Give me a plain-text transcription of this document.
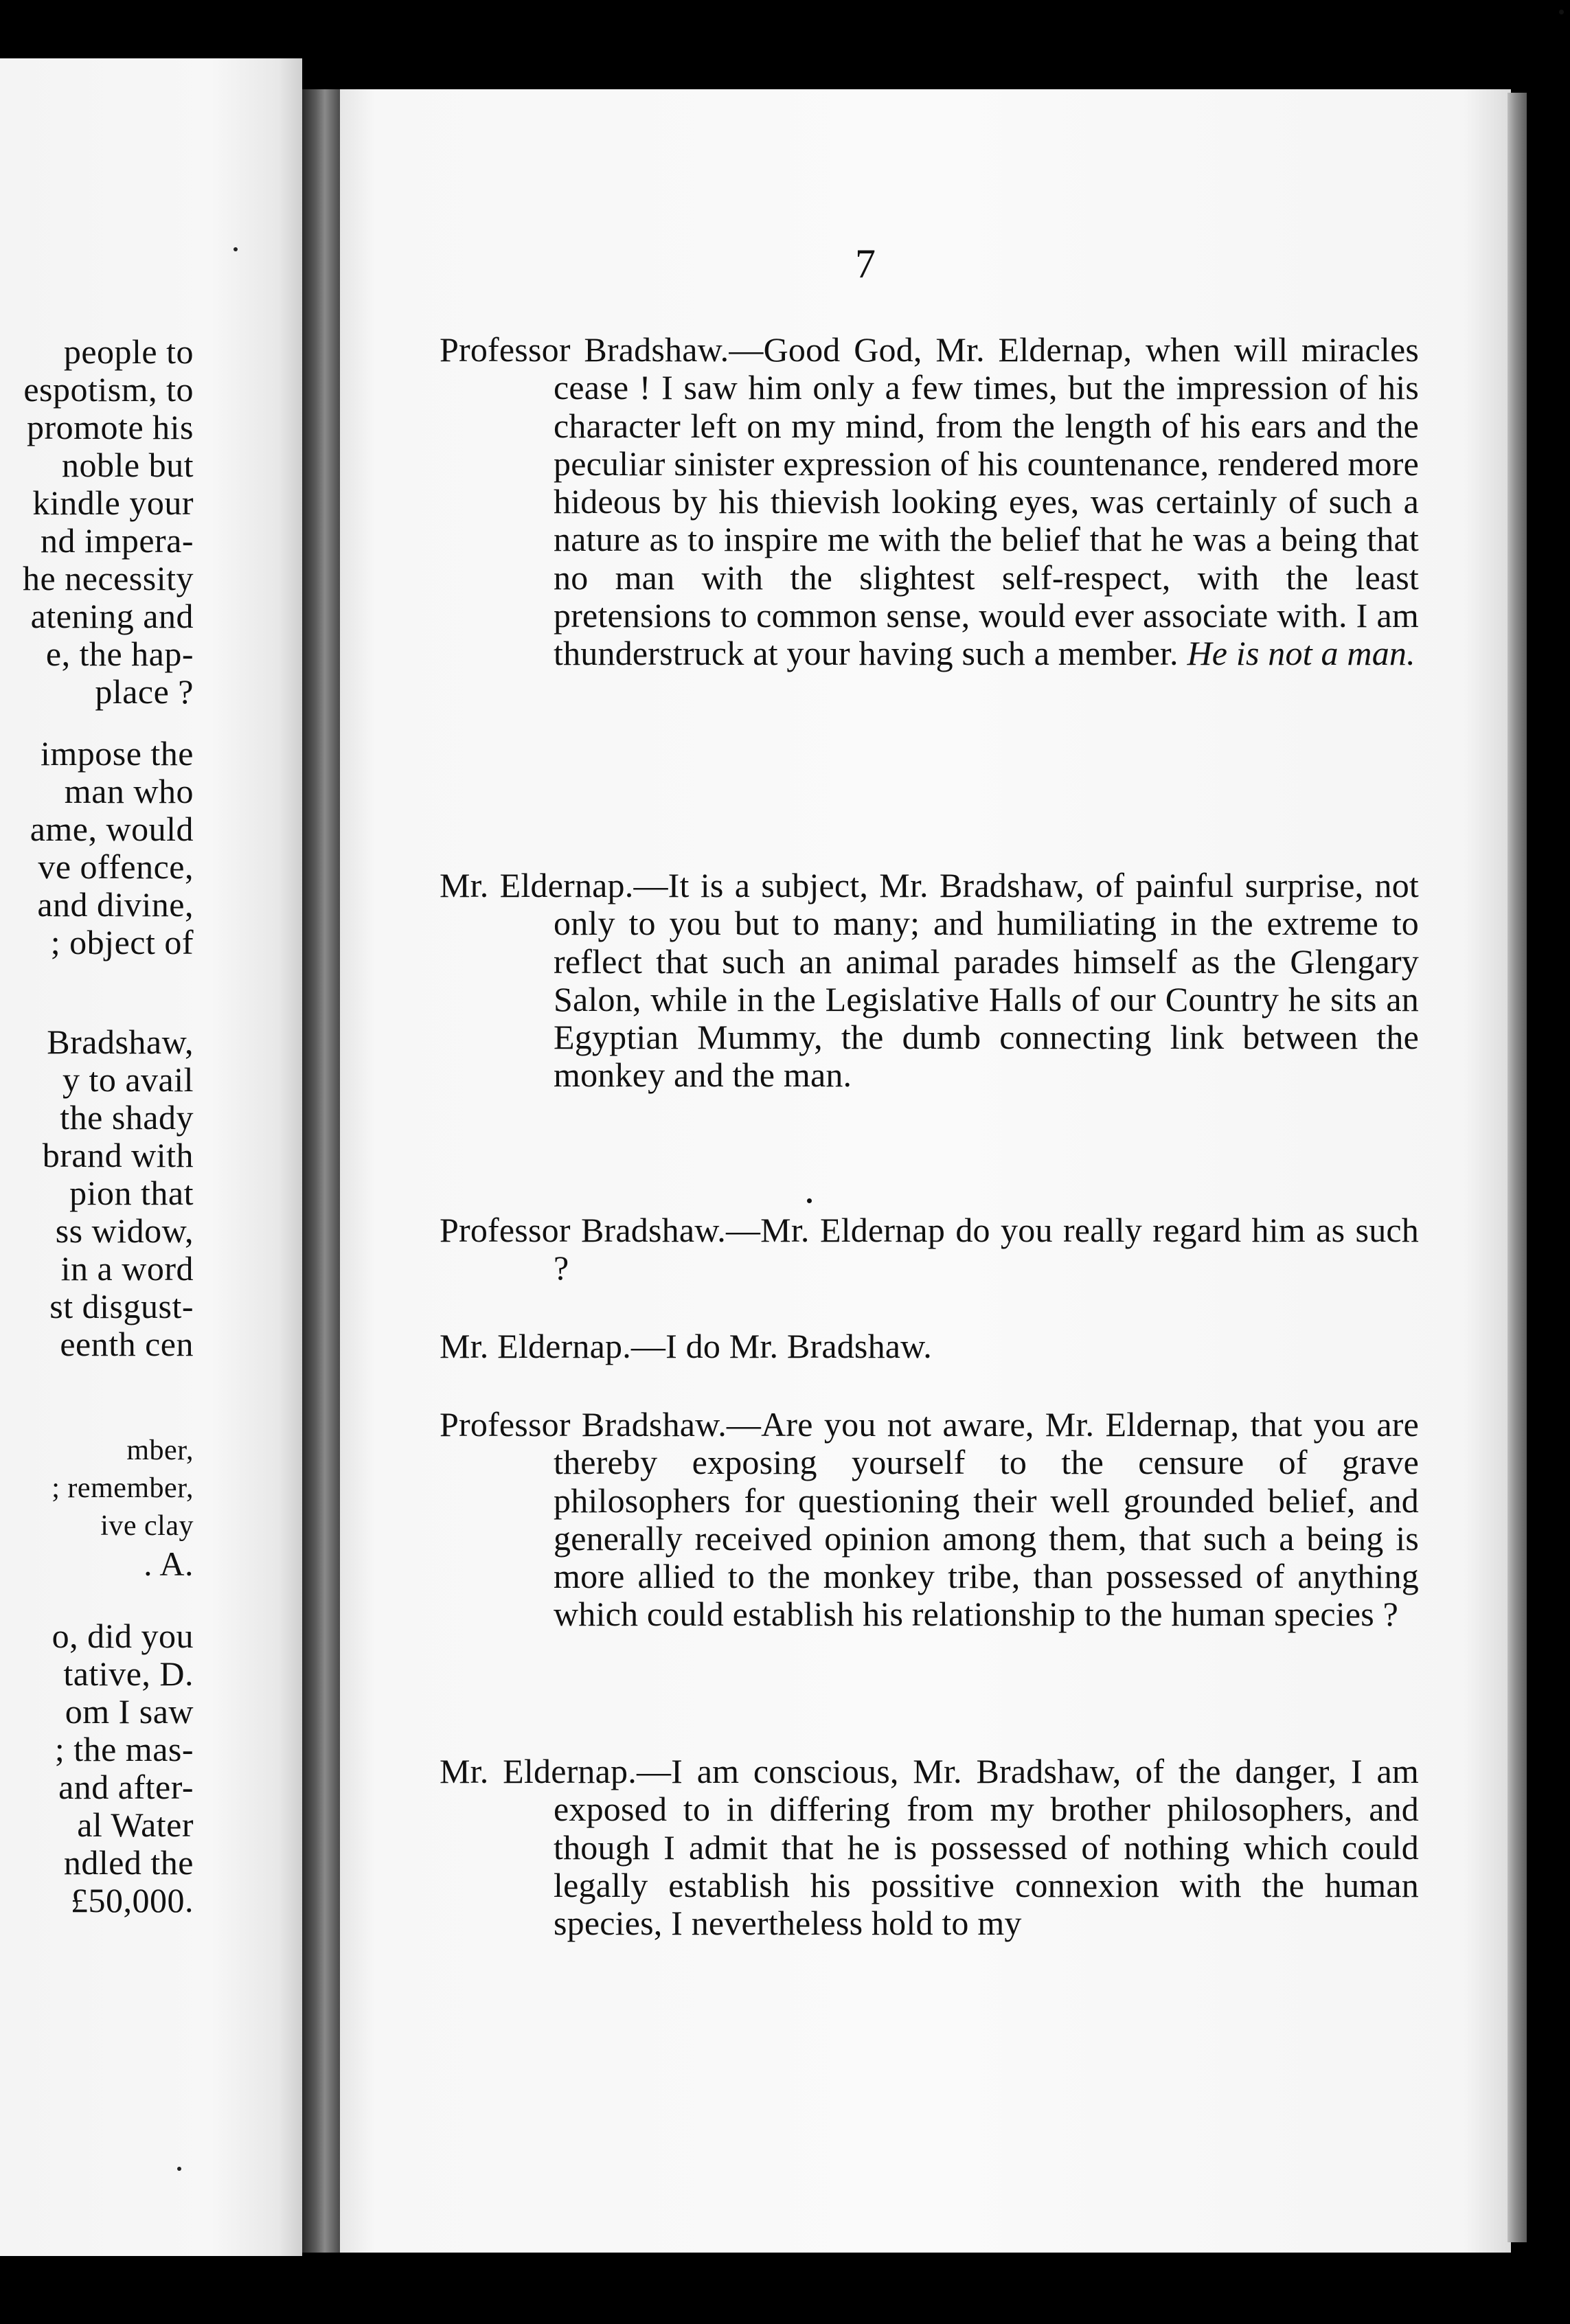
people to
espotism, to
promote his
noble but
kindle your
nd impera-
he necessity
atening and
e, the hap-
place ?
impose the
man who
ame, would
ve offence,
and divine,
; object of
Bradshaw,
y to avail
the shady
brand with
pion that
ss widow,
in a word
st disgust-
eenth cen
mber,
; remember,
ive clay
. A.
o, did you
tative, D.
om I saw
; the mas-
and after-
al Water
ndled the
£50,000.
7
Professor Bradshaw.—Good God, Mr. Eldernap, when will miracles cease ! I saw him only a few times, but the impression of his character left on my mind, from the length of his ears and the peculiar sinister expression of his countenance, rendered more hideous by his thievish looking eyes, was certainly of such a nature as to inspire me with the belief that he was a being that no man with the slightest self-respect, with the least pretensions to common sense, would ever associate with. I am thunderstruck at your having such a member. He is not a man.
Mr. Eldernap.—It is a subject, Mr. Bradshaw, of painful surprise, not only to you but to many; and humiliating in the extreme to reflect that such an animal parades himself as the Glengary Salon, while in the Legislative Halls of our Country he sits an Egyptian Mummy, the dumb connecting link between the monkey and the man.
Professor Bradshaw.—Mr. Eldernap do you really regard him as such ?
Mr. Eldernap.—I do Mr. Bradshaw.
Professor Bradshaw.—Are you not aware, Mr. Eldernap, that you are thereby exposing yourself to the censure of grave philosophers for questioning their well grounded belief, and generally received opinion among them, that such a being is more allied to the monkey tribe, than possessed of anything which could establish his relationship to the human species ?
Mr. Eldernap.—I am conscious, Mr. Bradshaw, of the danger, I am exposed to in differing from my brother philosophers, and though I admit that he is possessed of nothing which could legally establish his possitive connexion with the human species, I nevertheless hold to my
